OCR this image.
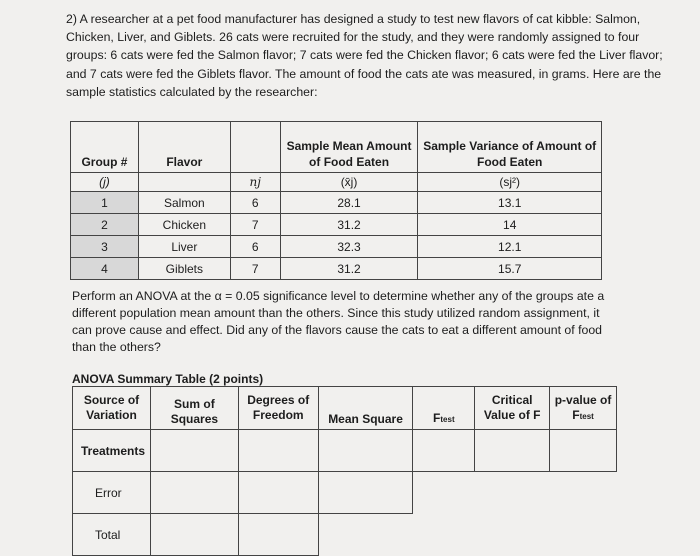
2) A researcher at a pet food manufacturer has designed a study to test new flavors of cat kibble: Salmon, Chicken, Liver, and Giblets. 26 cats were recruited for the study, and they were randomly assigned to four groups: 6 cats were fed the Salmon flavor; 7 cats were fed the Chicken flavor; 6 cats were fed the Liver flavor; and 7 cats were fed the Giblets flavor. The amount of food the cats ate was measured, in grams. Here are the sample statistics calculated by the researcher:
Group #	Flavor		Sample Mean Amount of Food Eaten	Sample Variance of Amount of Food Eaten
(j)		nj	(x̄j)	(sj²)
1	Salmon	6	28.1	13.1
2	Chicken	7	31.2	14
3	Liver	6	32.3	12.1
4	Giblets	7	31.2	15.7
Perform an ANOVA at the α = 0.05 significance level to determine whether any of the groups ate a different population mean amount than the others. Since this study utilized random assignment, it can prove cause and effect. Did any of the flavors cause the cats to eat a different amount of food than the others?
ANOVA Summary Table (2 points)
Source of Variation	Sum of Squares	Degrees of Freedom	Mean Square	Ftest	Critical Value of F	p-value of Ftest
Treatments						
Error						
Total						
